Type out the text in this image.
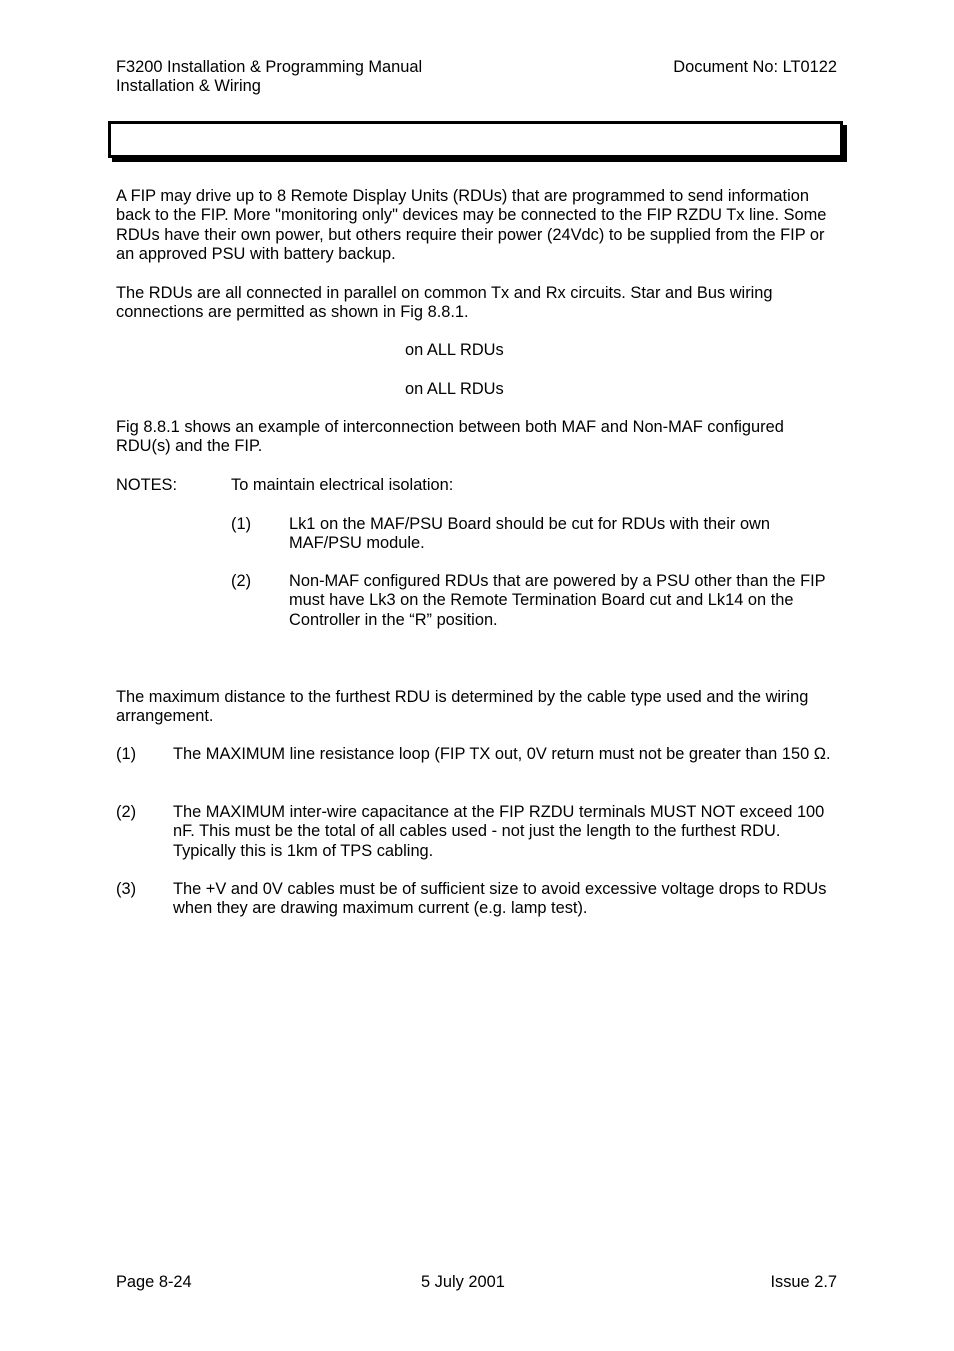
F3200 Installation & Programming Manual
Installation & Wiring
Document No: LT0122
A FIP may drive up to 8 Remote Display Units (RDUs) that are programmed to send information back to the FIP. More "monitoring only" devices may be connected to the FIP RZDU Tx line. Some RDUs have their own power, but others require their power (24Vdc) to be supplied from the FIP or an approved PSU with battery backup.
The RDUs are all connected in parallel on common Tx and Rx circuits. Star and Bus wiring connections are permitted as shown in Fig 8.8.1.
on ALL RDUs
on ALL RDUs
Fig 8.8.1 shows an example of interconnection between both MAF and Non-MAF configured RDU(s) and the FIP.
NOTES:	To maintain electrical isolation:
(1) Lk1 on the MAF/PSU Board should be cut for RDUs with their own MAF/PSU module.
(2) Non-MAF configured RDUs that are powered by a PSU other than the FIP must have Lk3 on the Remote Termination Board cut and Lk14 on the Controller in the “R” position.
The maximum distance to the furthest RDU is determined by the cable type used and the wiring arrangement.
(1) The MAXIMUM line resistance loop (FIP TX out, 0V return must not be greater than 150 Ω.
(2) The MAXIMUM inter-wire capacitance at the FIP RZDU terminals MUST NOT exceed 100 nF. This must be the total of all cables used - not just the length to the furthest RDU. Typically this is 1km of TPS cabling.
(3) The +V and 0V cables must be of sufficient size to avoid excessive voltage drops to RDUs when they are drawing maximum current (e.g. lamp test).
Page 8-24	5 July 2001	Issue 2.7
